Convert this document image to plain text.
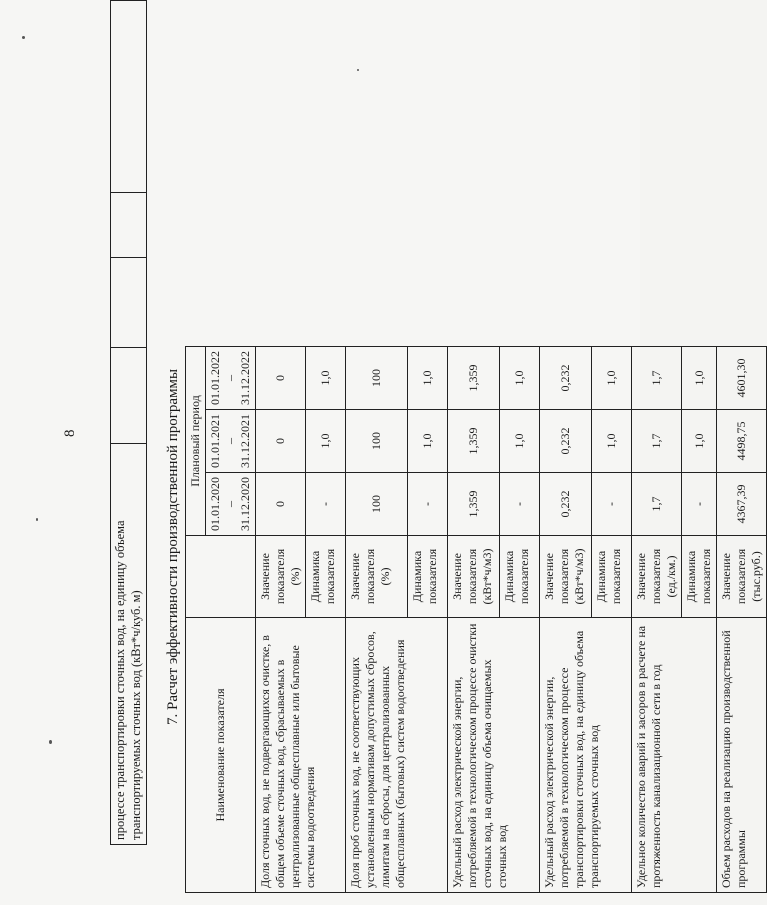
8
процессе транспортировки сточных вод, на единицу объема транспортируемых сточных вод (кВт*ч/куб. м)				7. Расчет эффективности производственной программы
Наименование показателя		Плановый период		
		01.01.2020 – 31.12.2020	01.01.2021 – 31.12.2021	01.01.2022 – 31.12.2022
Доля сточных вод, не подвергающихся очистке, в общем объеме сточных вод, сбрасываемых в централизованные общесплавные или бытовые системы водоотведения	Значение показателя (%)	0	0	0
	Динамика показателя	-	1,0	1,0
Доля проб сточных вод, не соответствующих установленным нормативам допустимых сбросов, лимитам на сбросы, для централизованных общесплавных (бытовых) систем водоотведения	Значение показателя (%)	100	100	100
	Динамика показателя	-	1,0	1,0
Удельный расход электрической энергии, потребляемой в технологическом процессе очистки сточных вод, на единицу объема очищаемых сточных вод	Значение показателя (кВт*ч/м3)	1,359	1,359	1,359
	Динамика показателя	-	1,0	1,0
Удельный расход электрической энергии, потребляемой в технологическом процессе транспортировки сточных вод, на единицу объема транспортируемых сточных вод	Значение показателя (кВт*ч/м3)	0,232	0,232	0,232
	Динамика показателя	-	1,0	1,0
Удельное количество аварий и засоров в расчете на протяженность канализационной сети в год	Значение показателя (ед./км.)	1,7	1,7	1,7
	Динамика показателя	-	1,0	1,0
Объем расходов на реализацию производственной программы	Значение показателя (тыс.руб.)	4367,39	4498,75	4601,30
